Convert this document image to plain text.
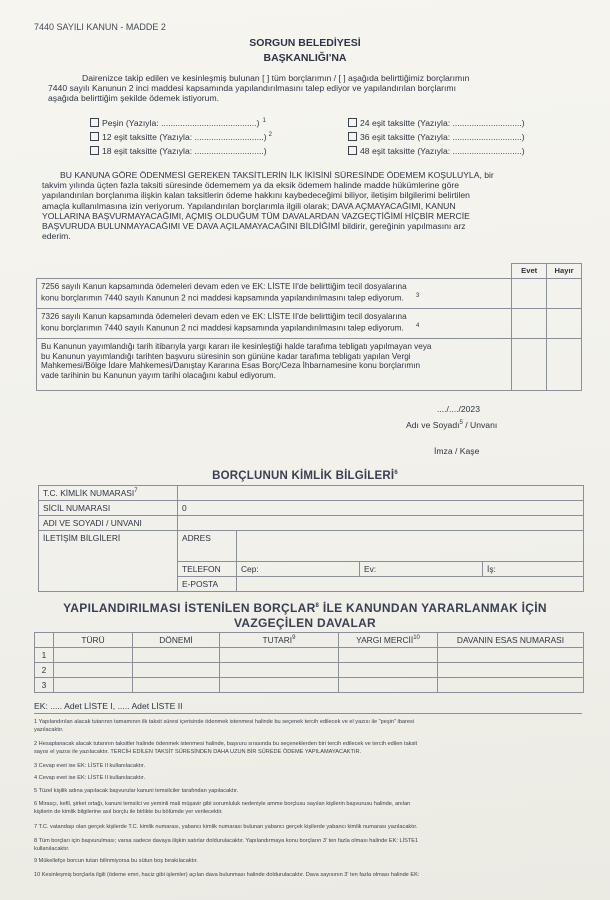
7440 SAYILI KANUN - MADDE 2
SORGUN BELEDİYESİ
BAŞKANLIĞI'NA
Dairenizce takip edilen ve kesinleşmiş bulunan [ ] tüm borçlarımın / [ ] aşağıda belirttiğimiz borçlarımın
7440 sayılı Kanunun 2 inci maddesi kapsamında yapılandırılmasını talep ediyor ve yapılandırılan borçlarımı
aşağıda belirttiğim şekilde ödemek istiyorum.
Peşin (Yazıyla: ........................................) $^1$
12 eşit taksitte (Yazıyla: .............................) $^2$
18 eşit taksitte (Yazıyla: .............................)
24 eşit taksitte (Yazıyla: .............................)
36 eşit taksitte (Yazıyla: .............................)
48 eşit taksitte (Yazıyla: .............................)
BU KANUNA GÖRE ÖDENMESİ GEREKEN TAKSİTLERİN İLK İKİSİNİ SÜRESİNDE ÖDEMEM KOŞULUYLA, bir
takvim yılında üçten fazla taksiti süresinde ödememem ya da eksik ödemem halinde madde hükümlerine göre
yapılandırılan borçlanıma ilişkin kalan taksitlerin ödeme hakkını kaybedeceğimi biliyor, iletişim bilgilerimi belirtilen
amaçla kullanılmasına izin veriyorum. Yapılandırılan borçlarımla ilgili olarak; DAVA AÇMAYACAĞIMI, KANUN
YOLLARINA BAŞVURMAYACAĞIMI, AÇMIŞ OLDUĞUM TÜM DAVALARDAN VAZGEÇTİĞİMİ HİÇBİR MERCİE
BAŞVURUDA BULUNMAYACAĞIMI VE DAVA AÇILAMAYACAĞINI BİLDİĞİMİ bildirir, gereğinin yapılmasını arz
ederim.
	Evet	Hayır

7256 sayılı Kanun kapsamında ödemeleri devam eden ve EK: LİSTE II'de belirttiğim tecil dosyalarına
konu borçlarımın 7440 sayılı Kanunun 2 nci maddesi kapsamında yapılandırılmasını talep ediyorum. $^3$

7326 sayılı Kanun kapsamında ödemeleri devam eden ve EK: LİSTE II'de belirttiğim tecil dosyalarına
konu borçlarımın 7440 sayılı Kanunun 2 nci maddesi kapsamında yapılandırılmasını talep ediyorum. $^4$

Bu Kanunun yayımlandığı tarih itibarıyla yargı kararı ile kesinleştiği halde tarafıma tebligatı yapılmayan veya
bu Kanunun yayımlandığı tarihten başvuru süresinin son gününe kadar tarafıma tebligatı yapılan Vergi
Mahkemesi/Bölge İdare Mahkemesi/Danıştay Kararına Esas Borç/Ceza İhbarnamesine konu borçlarımın
vade tarihinin bu Kanunun yayım tarihi olacağını kabul ediyorum.		

..../..../2023
Adı ve Soyadı$^5$ / Unvanı
İmza / Kaşe
BORÇLUNUN KİMLİK BİLGİLERİ$^6$
T.C. KİMLİK NUMARASI$^7$	
SİCİL NUMARASI	0			
ADI VE SOYADI / UNVANI				
İLETİŞİM BİLGİLERİ	ADRES			
	TELEFON	Cep:	Ev:	İş:
	E-POSTA			
YAPILANDIRILMASI İSTENİLEN BORÇLAR$^8$ İLE KANUNDAN YARARLANMAK İÇİN
VAZGEÇİLEN DAVALAR
	TÜRÜ	DÖNEMİ	TUTARI$^9$	YARGI MERCİİ$^{10}$	DAVANIN ESAS NUMARASI
1					
2					
3					
EK: ..... Adet LİSTE I, ..... Adet LİSTE II
1 Yapılandırılan alacak tutarının tamamının ilk taksit süresi içerisinde ödenmek istenmesi halinde bu seçenek tercih edilecek ve el yazısı ile "peşin" ibaresi
yazılacaktır.
2 Hesaplanacak alacak tutarının taksitler halinde ödenmek istenmesi halinde, başvuru sırasında bu seçeneklerden biri tercih edilecek ve tercih edilen taksit
sayısı el yazısı ile yazılacaktır. TERCİH EDİLEN TAKSİT SÜRESİNDEN DAHA UZUN BİR SÜREDE ÖDEME YAPILAMAYACAKTIR.
3 Cevap evet ise EK: LİSTE II kullanılacaktır.
4 Cevap evet ise EK: LİSTE II kullanılacaktır.
5 Tüzel kişilik adına yapılacak başvurular kanuni temsilciler tarafından yapılacaktır.
6 Mirasçı, kefil, şirket ortağı, kanuni temsilci ve yeminli mali müşavir gibi sorumluluk nedeniyle amme borçlusu sayılan kişilerin başvurusu halinde, anılan
kişilerin de kimlik bilgilerine asıl borçlu ile birlikte bu bölümde yer verilecektir.
7 T.C. vatandaşı olan gerçek kişilerde T.C. kimlik numarası, yabancı kimlik numarası bulunan yabancı gerçek kişilerde yabancı kimlik numarası yazılacaktır.
8 Tüm borçları için başvurulması; varsa sadece davaya ilişkin satırlar doldurulacaktır. Yapılandırmaya konu borçların 3' ten fazla olması halinde EK: LİSTE1
kullanılacaktır.
9 Mükellefçe borcun tutarı bilinmiyorsa bu sütun boş bırakılacaktır.
10 Kesinleşmiş borçlarla ilgili (ödeme emri, haciz gibi işlemler) açılan dava bulunması halinde doldurulacaktır. Dava sayısının 3' ten fazla olması halinde EK:
